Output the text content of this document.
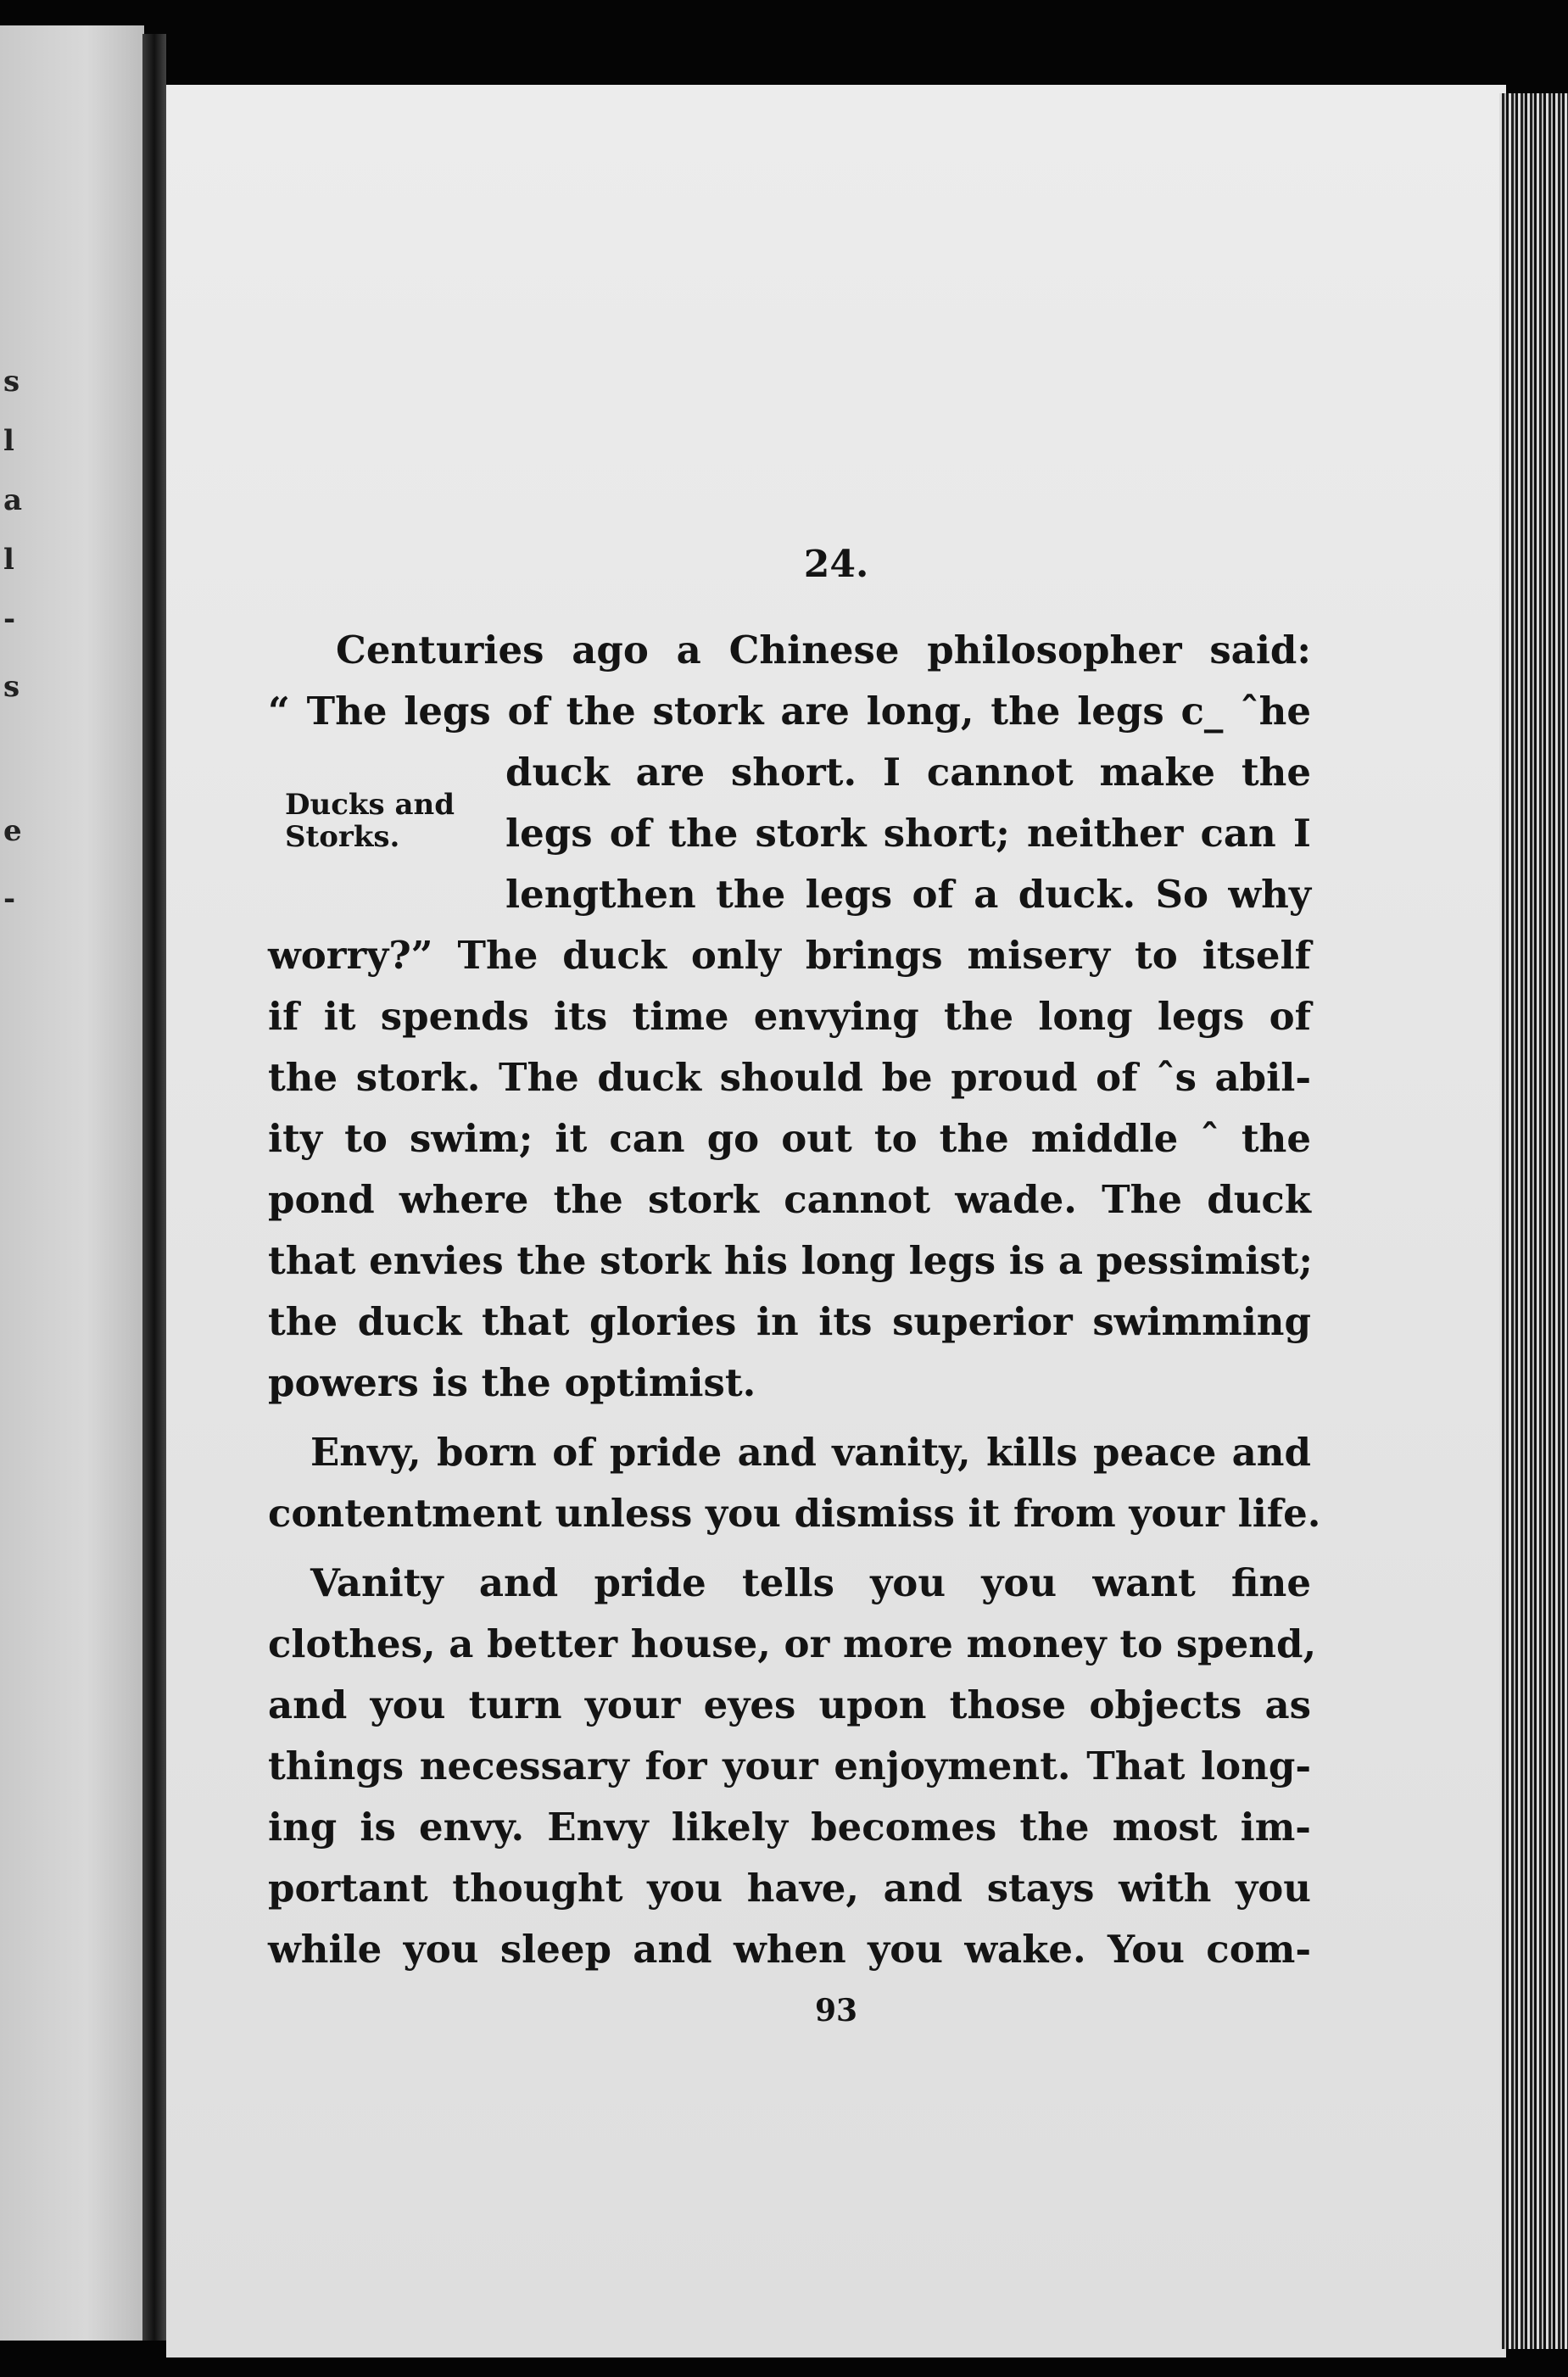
s
l
a
l
-
s
e
-
24.
Ducks and
Storks.
Centuries ago a Chinese philosopher said:
“ The legs of the stork are long, the legs c_ ˆhe
duck are short. I cannot make the
legs of the stork short; neither can I
lengthen the legs of a duck. So why
worry?” The duck only brings misery to itself
if it spends its time envying the long legs of
the stork. The duck should be proud of ˆs abil-
ity to swim; it can go out to the middle ˆ the
pond where the stork cannot wade. The duck
that envies the stork his long legs is a pessimist;
the duck that glories in its superior swimming
powers is the optimist.
Envy, born of pride and vanity, kills peace and
contentment unless you dismiss it from your life.
Vanity and pride tells you you want fine
clothes, a better house, or more money to spend,
and you turn your eyes upon those objects as
things necessary for your enjoyment. That long-
ing is envy. Envy likely becomes the most im-
portant thought you have, and stays with you
while you sleep and when you wake. You com-
93
